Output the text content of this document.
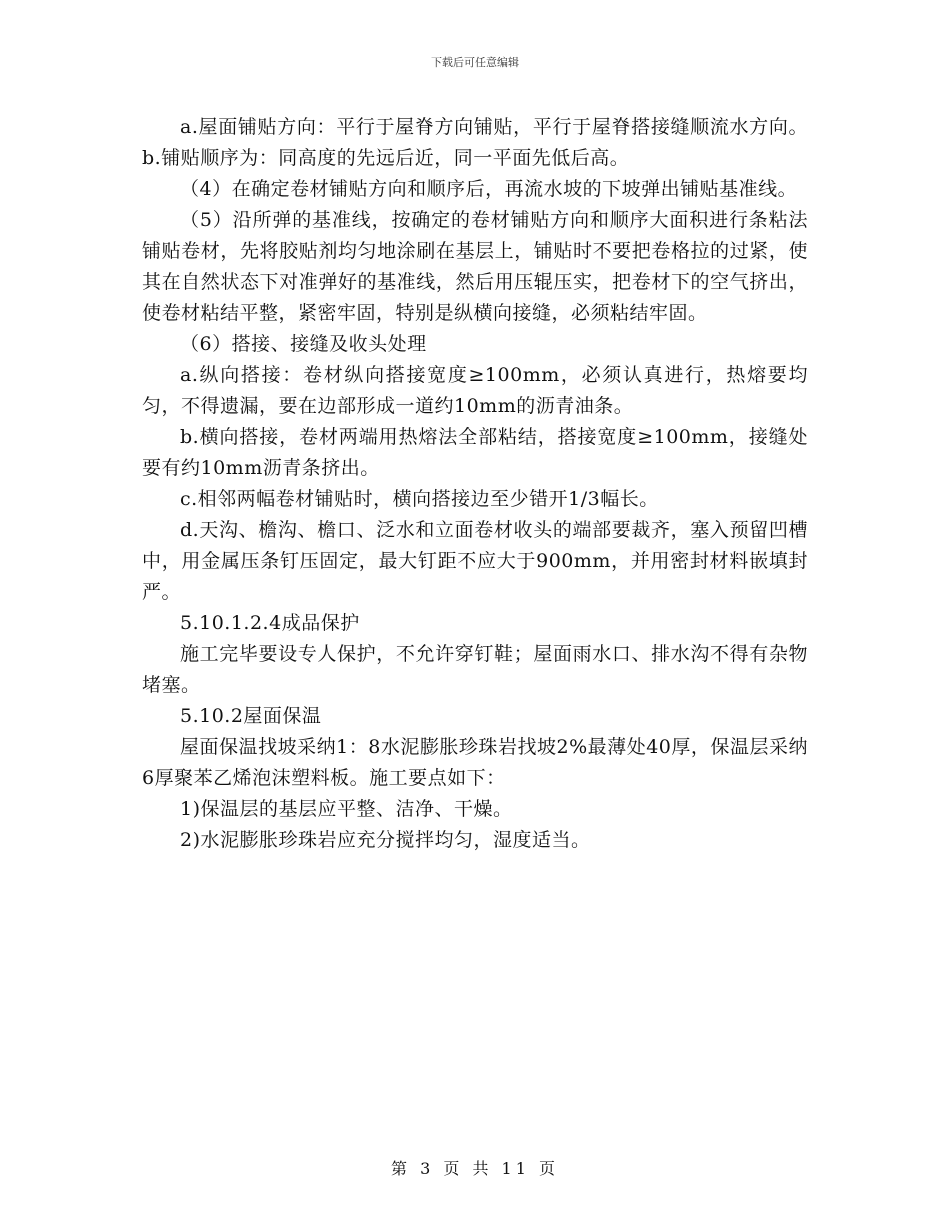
下载后可任意编辑

a.屋面铺贴方向：平行于屋脊方向铺贴，平行于屋脊搭接缝顺流水方向。b.铺贴顺序为：同高度的先远后近，同一平面先低后高。

（4）在确定卷材铺贴方向和顺序后，再流水坡的下坡弹出铺贴基准线。

（5）沿所弹的基准线，按确定的卷材铺贴方向和顺序大面积进行条粘法铺贴卷材，先将胶贴剂均匀地涂刷在基层上，铺贴时不要把卷格拉的过紧，使其在自然状态下对准弹好的基准线，然后用压辊压实，把卷材下的空气挤出，使卷材粘结平整，紧密牢固，特别是纵横向接缝，必须粘结牢固。

（6）搭接、接缝及收头处理

a.纵向搭接：卷材纵向搭接宽度≥100mm，必须认真进行，热熔要均匀，不得遗漏，要在边部形成一道约10mm的沥青油条。

b.横向搭接，卷材两端用热熔法全部粘结，搭接宽度≥100mm，接缝处要有约10mm沥青条挤出。

c.相邻两幅卷材铺贴时，横向搭接边至少错开1/3幅长。

d.天沟、檐沟、檐口、泛水和立面卷材收头的端部要裁齐，塞入预留凹槽中，用金属压条钉压固定，最大钉距不应大于900mm，并用密封材料嵌填封严。

5.10.1.2.4成品保护

施工完毕要设专人保护，不允许穿钉鞋；屋面雨水口、排水沟不得有杂物堵塞。

5.10.2屋面保温

屋面保温找坡采纳1：8水泥膨胀珍珠岩找坡2%最薄处40厚，保温层采纳6厚聚苯乙烯泡沫塑料板。施工要点如下：

1)保温层的基层应平整、洁净、干燥。

2)水泥膨胀珍珠岩应充分搅拌均匀，湿度适当。

第 3 页 共 11 页
